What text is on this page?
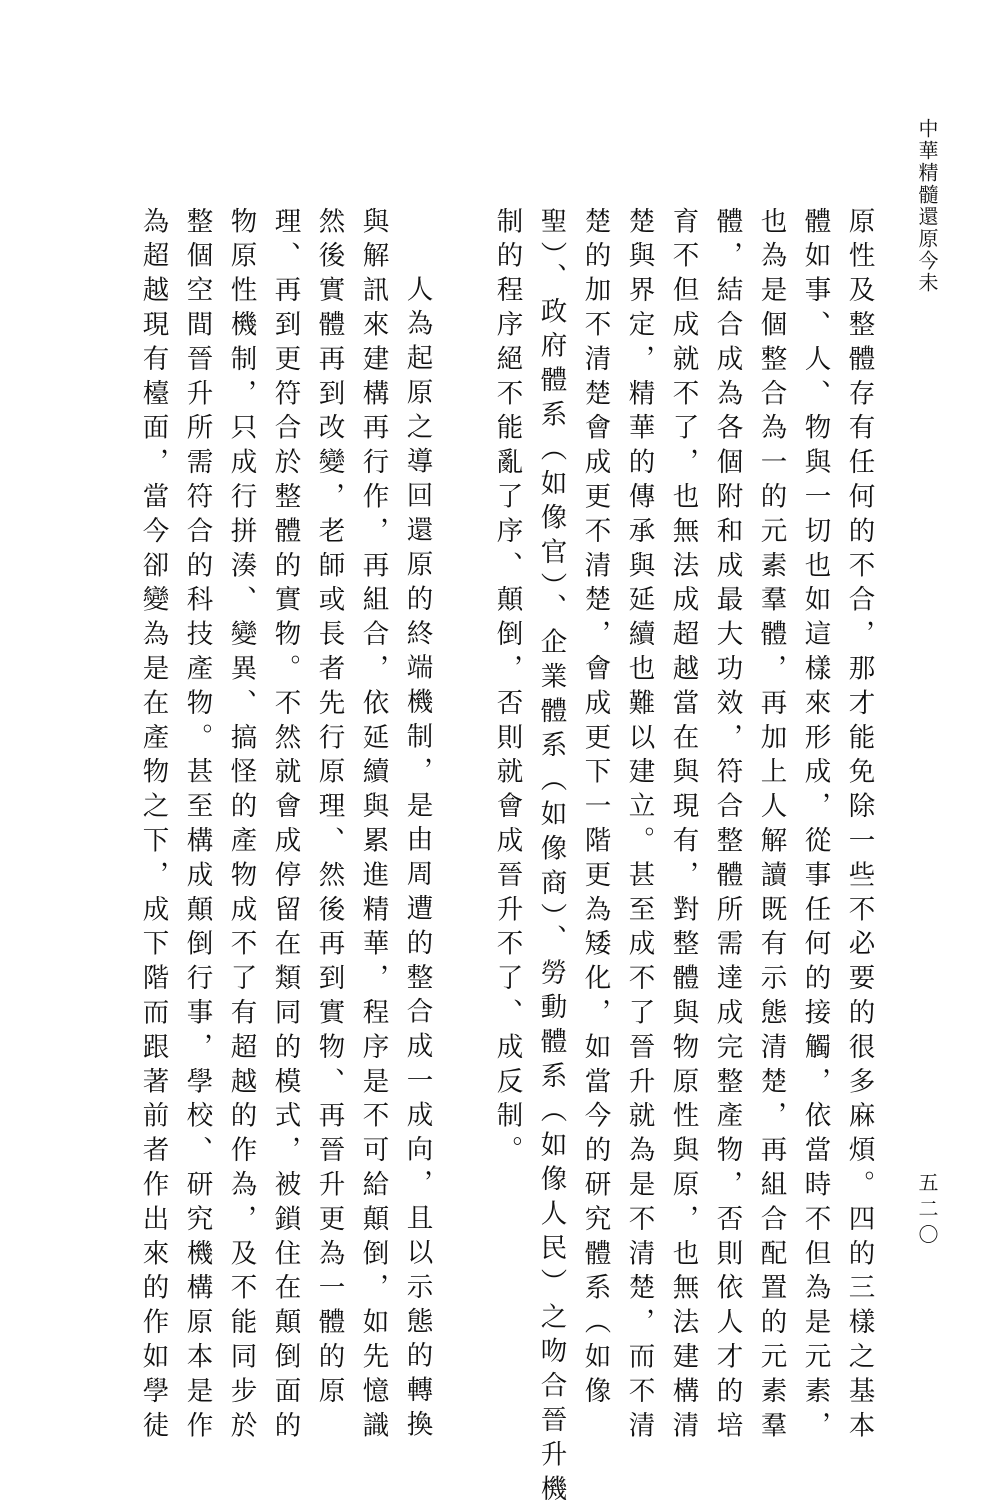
中華精髓還原今未
五二〇
原性及整體存有任何的不合，那才能免除一些不必要的很多麻煩。四的三樣之基本
體如事、人、物與一切也如這樣來形成，從事任何的接觸，依當時不但為是元素，
也為是個整合為一的元素羣體，再加上人解讀既有示態清楚，再組合配置的元素羣
體，結合成為各個附和成最大功效，符合整體所需達成完整產物，否則依人才的培
育不但成就不了，也無法成超越當在與現有，對整體與物原性與原，也無法建構清
楚與界定，精華的傳承與延續也難以建立。甚至成不了晉升就為是不清楚，而不清
楚的加不清楚會成更不清楚，會成更下一階更為矮化，如當今的研究體系（如像
聖）、政府體系（如像官）、企業體系（如像商）、勞動體系（如像人民）之吻合晉升機
制的程序絕不能亂了序、顛倒，否則就會成晉升不了、成反制。
人為起原之導回還原的終端機制，是由周遭的整合成一成向，且以示態的轉換
與解訊來建構再行作，再組合，依延續與累進精華，程序是不可給顛倒，如先憶識
然後實體再到改變，老師或長者先行原理、然後再到實物、再晉升更為一體的原
理、再到更符合於整體的實物。不然就會成停留在類同的模式，被鎖住在顛倒面的
物原性機制，只成行拼湊、變異、搞怪的產物成不了有超越的作為，及不能同步於
整個空間晉升所需符合的科技產物。甚至構成顛倒行事，學校、研究機構原本是作
為超越現有檯面，當今卻變為是在產物之下，成下階而跟著前者作出來的作如學徒
